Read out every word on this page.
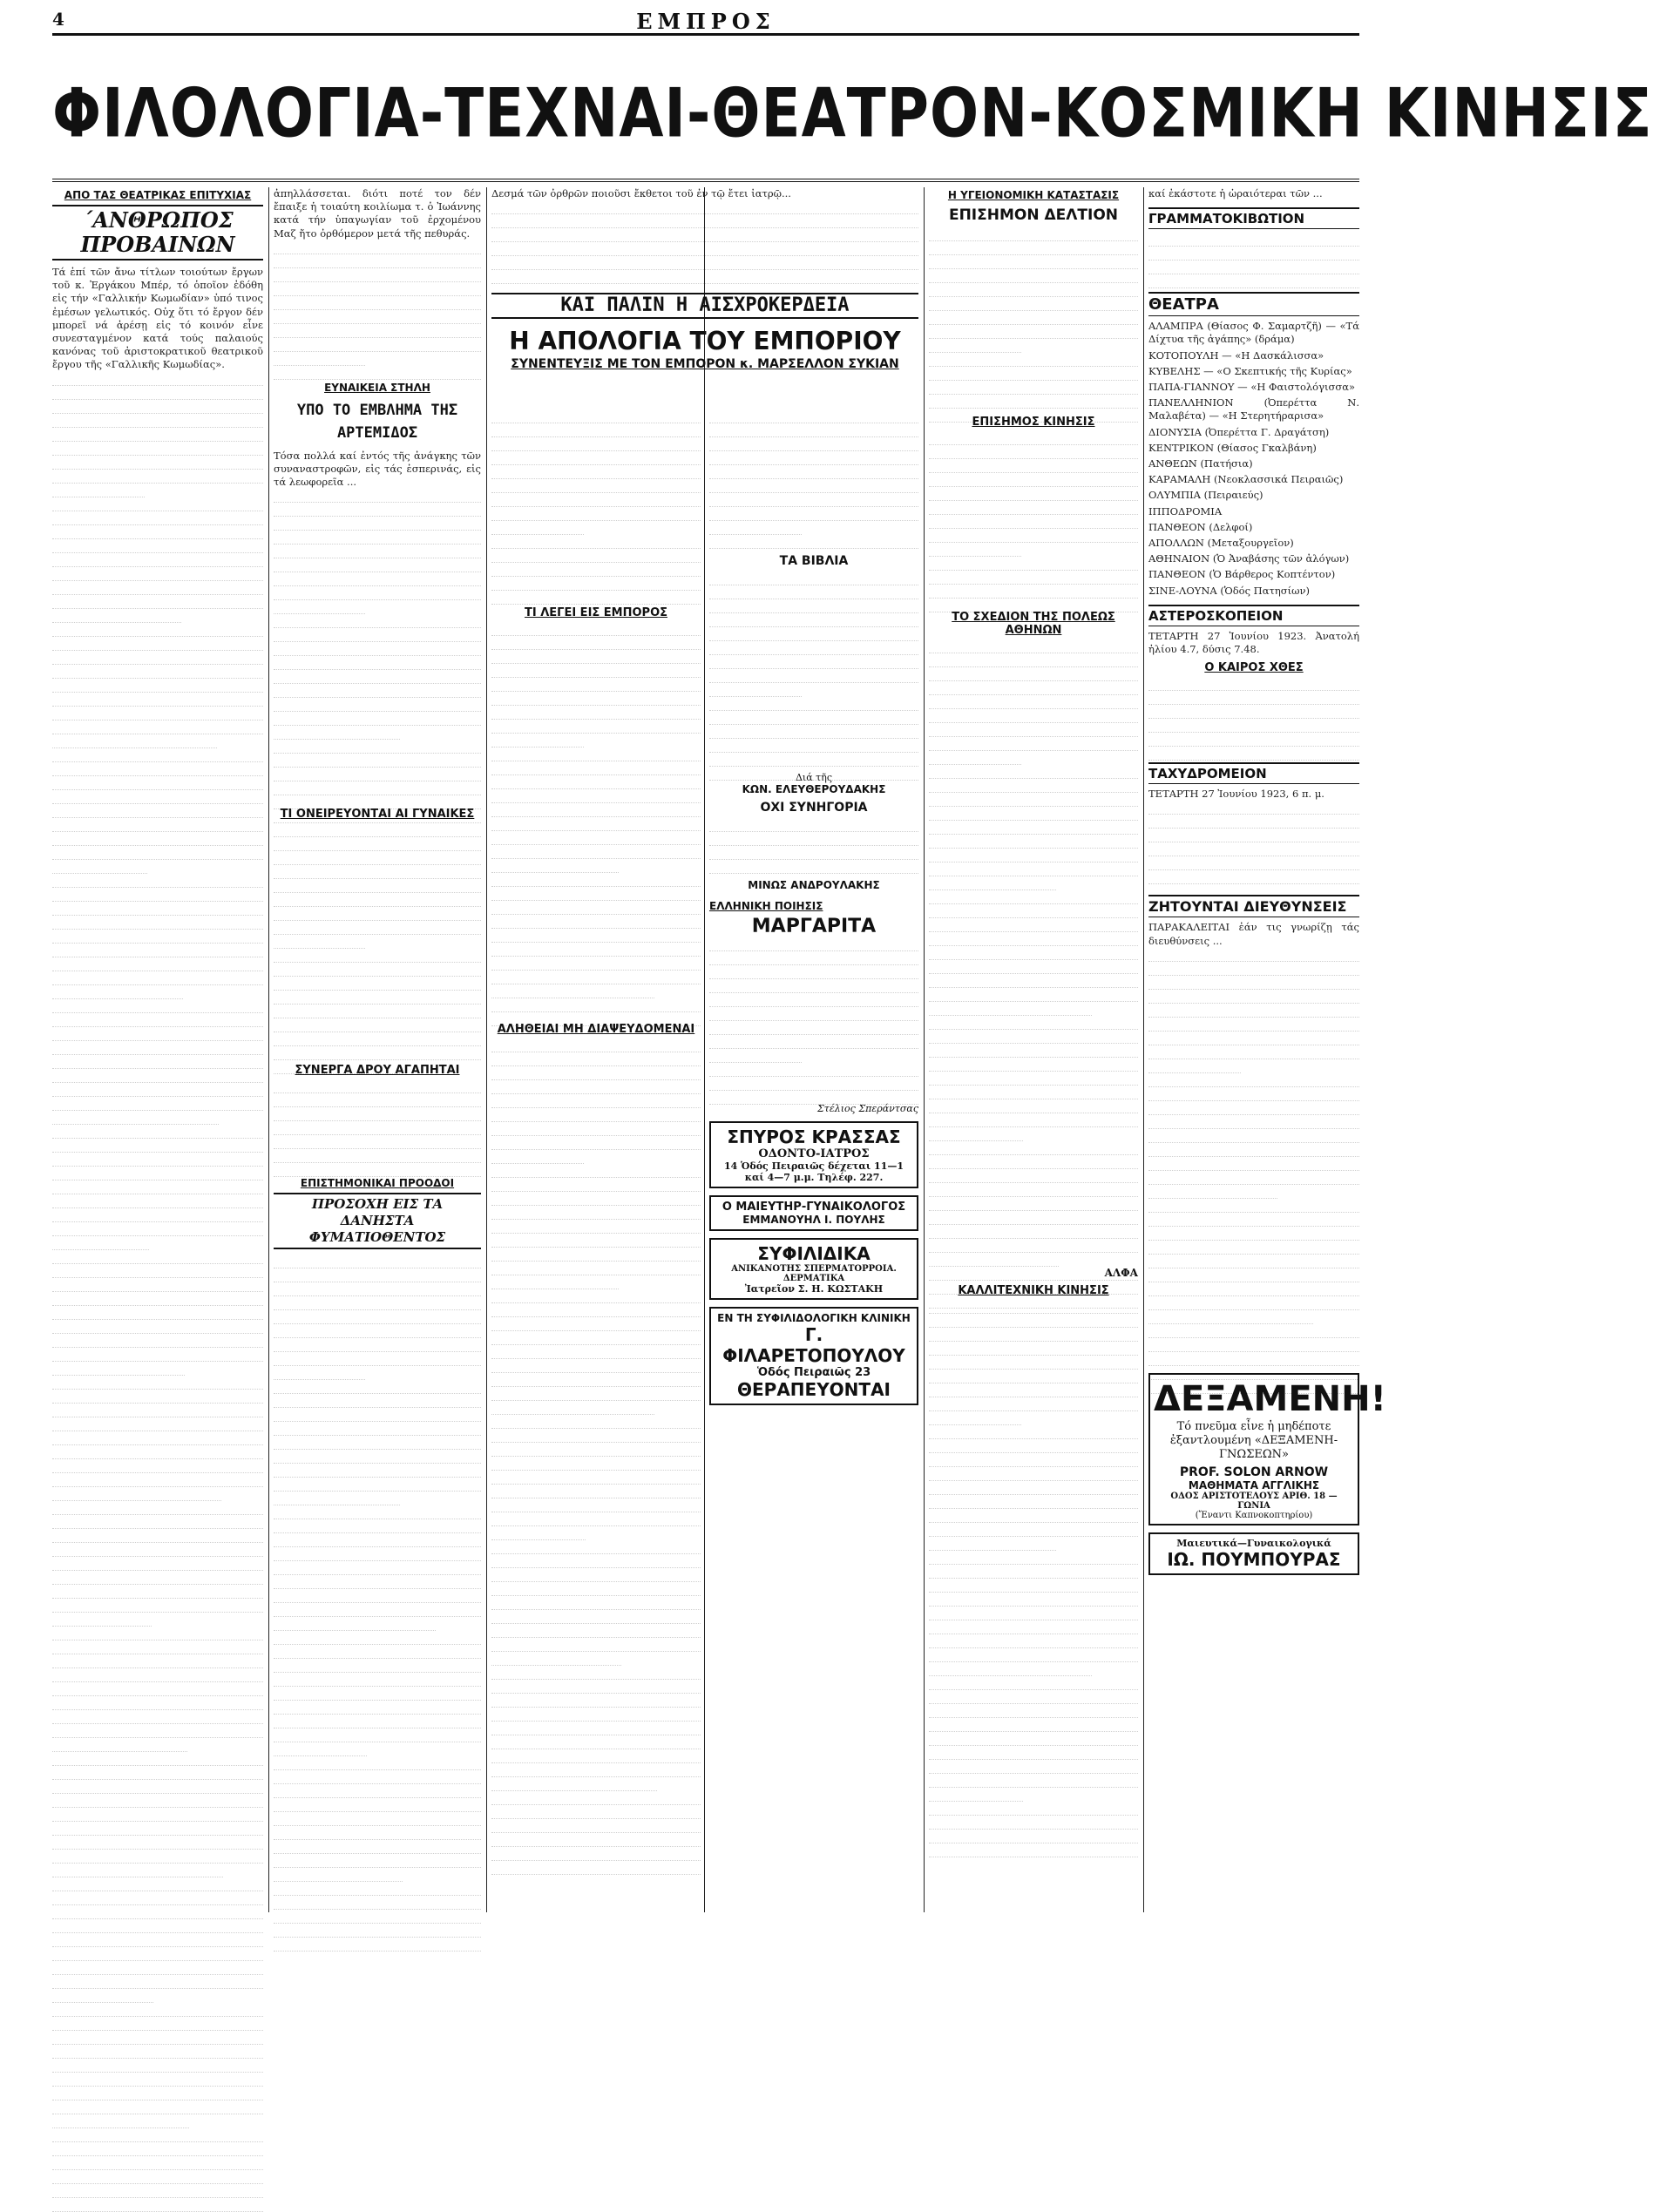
4	ΕΜΠΡΟΣ
ΦΙΛΟΛΟΓΙΑ-ΤΕΧΝΑΙ-ΘΕΑΤΡΟΝ-ΚΟΣΜΙΚΗ ΚΙΝΗΣΙΣ
ΑΠΟ ΤΑΣ ΘΕΑΤΡΙΚΑΣ ΕΠΙΤΥΧΙΑΣ
΄ΑΝΘΡΩΠΟΣ ΠΡΟΒΑΙΝΩΝ
Τά ἑπί τῶν ἄνω τίτλων τοιούτων ἔργων τοῦ κ. Ἐργάκου Μπέρ, τό ὁποῖον ἐδόθη εἰς τήν «Γαλλικήν Κωμωδίαν» ὑπό τινος ἐμέσων γελωτικός. Οὐχ ὅτι τό ἔργον δέν μπορεῖ νά ἀρέσῃ εἰς τό κοινόν εἶνε συνεσταγμένον κατά τούς παλαιούς κανόνας τοῦ ἀριστοκρατικοῦ θεατρικοῦ ἔργου τῆς «Γαλλικῆς Κωμωδίας».
ἀπηλλάσσεται. διότι ποτέ τον δέν ἔπαιξε ἡ τοιαύτη κοιλίωμα τ. ὁ Ἰωάννης κατά τήν ὑπαγωγίαν τοῦ ἐρχομένου Μαζ ἤτο ὀρθόμερον μετά τῆς πεθυράς.
ΕΥΝΑΙΚΕΙΑ ΣΤΗΛΗ
ΥΠΟ ΤΟ ΕΜΒΛΗΜΑ ΤΗΣ ΑΡΤΕΜΙΔΟΣ
Τόσα πολλά καί ἐντός τῆς ἀνάγκης τῶν συναναστροφῶν, εἰς τάς ἐσπερινάς, εἰς τά λεωφορεῖα ...
ΤΙ ΟΝΕΙΡΕΥΟΝΤΑΙ ΑΙ ΓΥΝΑΙΚΕΣ
ΣΥΝΕΡΓΑ ΔΡΟΥ ΑΓΑΠΗΤΑΙ
ΕΠΙΣΤΗΜΟΝΙΚΑΙ ΠΡΟΟΔΟΙ
ΠΡΟΣΟΧΗ ΕΙΣ ΤΑ ΔΑΝΗΣΤΑ ΦΥΜΑΤΙΟΘΕΝΤΟΣ
Δεσμά τῶν ὀρθρῶν ποιοῦσι ἔκθετοι τοῦ ἐν τῷ ἔτει ἰατρῷ...
ΚΑΙ ΠΑΛΙΝ Η ΑΙΣΧΡΟΚΕΡΔΕΙΑ
Η ΑΠΟΛΟΓΙΑ ΤΟΥ ΕΜΠΟΡΙΟΥ
ΣΥΝΕΝΤΕΥΞΙΣ ΜΕ ΤΟΝ ΕΜΠΟΡΟΝ κ. ΜΑΡΣΕΛΛΟΝ ΣΥΚΙΑΝ
ΤΙ ΛΕΓΕΙ ΕΙΣ ΕΜΠΟΡΟΣ
ΑΛΗΘΕΙΑΙ ΜΗ ΔΙΑΨΕΥΔΟΜΕΝΑΙ
ΤΑ ΒΙΒΛΙΑ
Διά τῆς
ΚΩΝ. ΕΛΕΥΘΕΡΟΥΔΑΚΗΣ
ΟΧΙ ΣΥΝΗΓΟΡΙΑ
ΜΙΝΩΣ ΑΝΔΡΟΥΛΑΚΗΣ
ΕΛΛΗΝΙΚΗ ΠΟΙΗΣΙΣ
ΜΑΡΓΑΡΙΤΑ
Στέλιος Σπεράντσας
ΣΠΥΡΟΣ ΚΡΑΣΣΑΣ
ΟΔΟΝΤΟ-ΙΑΤΡΟΣ
14 Ὁδός Πειραιῶς δέχεται 11—1 καί 4—7 μ.μ. Τηλέφ. 227.
Ο ΜΑΙΕΥΤΗΡ-ΓΥΝΑΙΚΟΛΟΓΟΣ
ΕΜΜΑΝΟΥΗΛ Ι. ΠΟΥΛΗΣ
ΣΥΦΙΛΙΔΙΚΑ
ΑΝΙΚΑΝΟΤΗΣ ΣΠΕΡΜΑΤΟΡΡΟΙΑ. ΔΕΡΜΑΤΙΚΑ
Ἰατρεῖον Σ. Η. ΚΩΣΤΑΚΗ
ΕΝ ΤΗ ΣΥΦΙΛΙΔΟΛΟΓΙΚΗ ΚΛΙΝΙΚΗ
Γ. ΦΙΛΑΡΕΤΟΠΟΥΛΟΥ
Ὁδός Πειραιῶς 23
ΘΕΡΑΠΕΥΟΝΤΑΙ
Η ΥΓΕΙΟΝΟΜΙΚΗ ΚΑΤΑΣΤΑΣΙΣ
ΕΠΙΣΗΜΟΝ ΔΕΛΤΙΟΝ
ΕΠΙΣΗΜΟΣ ΚΙΝΗΣΙΣ
ΤΟ ΣΧΕΔΙΟΝ ΤΗΣ ΠΟΛΕΩΣ ΑΘΗΝΩΝ
ΑΛΦΑ
ΚΑΛΛΙΤΕΧΝΙΚΗ ΚΙΝΗΣΙΣ
καί ἐκάστοτε ἡ ὡραιότεραι τῶν ...
ΓΡΑΜΜΑΤΟΚΙΒΩΤΙΟΝ
ΘΕΑΤΡΑ
ΑΛΑΜΠΡΑ (Θίασος Φ. Σαμαρτζῆ) — «Τά Δίχτυα τῆς ἀγάπης» (δράμα)
ΚΟΤΟΠΟΥΛΗ — «Η Δασκάλισσα»
ΚΥΒΕΛΗΣ — «Ο Σκεπτικής τῆς Κυρίας»
ΠΑΠΑ-ΓΙΑΝΝΟΥ — «Η Φαιστολόγισσα»
ΠΑΝΕΛΛΗΝΙΟΝ (Ὀπερέττα Ν. Μαλαβέτα) — «Η Στερητήραρισα»
ΔΙΟΝΥΣΙΑ (Ὀπερέττα Γ. Δραγάτση)
ΚΕΝΤΡΙΚΟΝ (Θίασος Γκαλβάνη)
ΑΝΘΕΩΝ (Πατήσια)
ΚΑΡΑΜΑΛΗ (Νεοκλασσικά Πειραιῶς)
ΟΛΥΜΠΙΑ (Πειραιεύς)
ΙΠΠΟΔΡΟΜΙΑ
ΠΑΝΘΕΟΝ (Δελφοί)
ΑΠΟΛΛΩΝ (Μεταξουργεῖον)
ΑΘΗΝΑΙΟΝ (Ὁ Ἀναβάσης τῶν ἀλόγων)
ΠΑΝΘΕΟΝ (Ὁ Βάρθερος Κοπτέντον)
ΣΙΝΕ-ΛΟΥΝΑ (Ὁδός Πατησίων)
ΑΣΤΕΡΟΣΚΟΠΕΙΟΝ
ΤΕΤΑΡΤΗ 27 Ἰουνίου 1923. Ἀνατολή ἡλίου 4.7, δύσις 7.48.
Ο ΚΑΙΡΟΣ ΧΘΕΣ
ΤΑΧΥΔΡΟΜΕΙΟΝ
ΤΕΤΑΡΤΗ 27 Ἰουνίου 1923, 6 π. μ.
ΖΗΤΟΥΝΤΑΙ ΔΙΕΥΘΥΝΣΕΙΣ
ΠΑΡΑΚΑΛΕΙΤΑΙ ἐάν τις γνωρίζῃ τάς διευθύνσεις ...
ΔΕΞΑΜΕΝΗ!
Τό πνεῦμα εἶνε ἡ μηδέποτε ἐξαντλουμένη «ΔΕΞΑΜΕΝΗ-ΓΝΩΣΕΩΝ»
PROF. SOLON ARNOW
ΜΑΘΗΜΑΤΑ ΑΓΓΛΙΚΗΣ
ΟΔΟΣ ΑΡΙΣΤΟΤΕΛΟΥΣ ΑΡΙΘ. 18 — ΓΩΝΙΑ
(Ἔναντι Καπνοκοπτηρίου)
Μαιευτικά—Γυναικολογικά
ΙΩ. ΠΟΥΜΠΟΥΡΑΣ
